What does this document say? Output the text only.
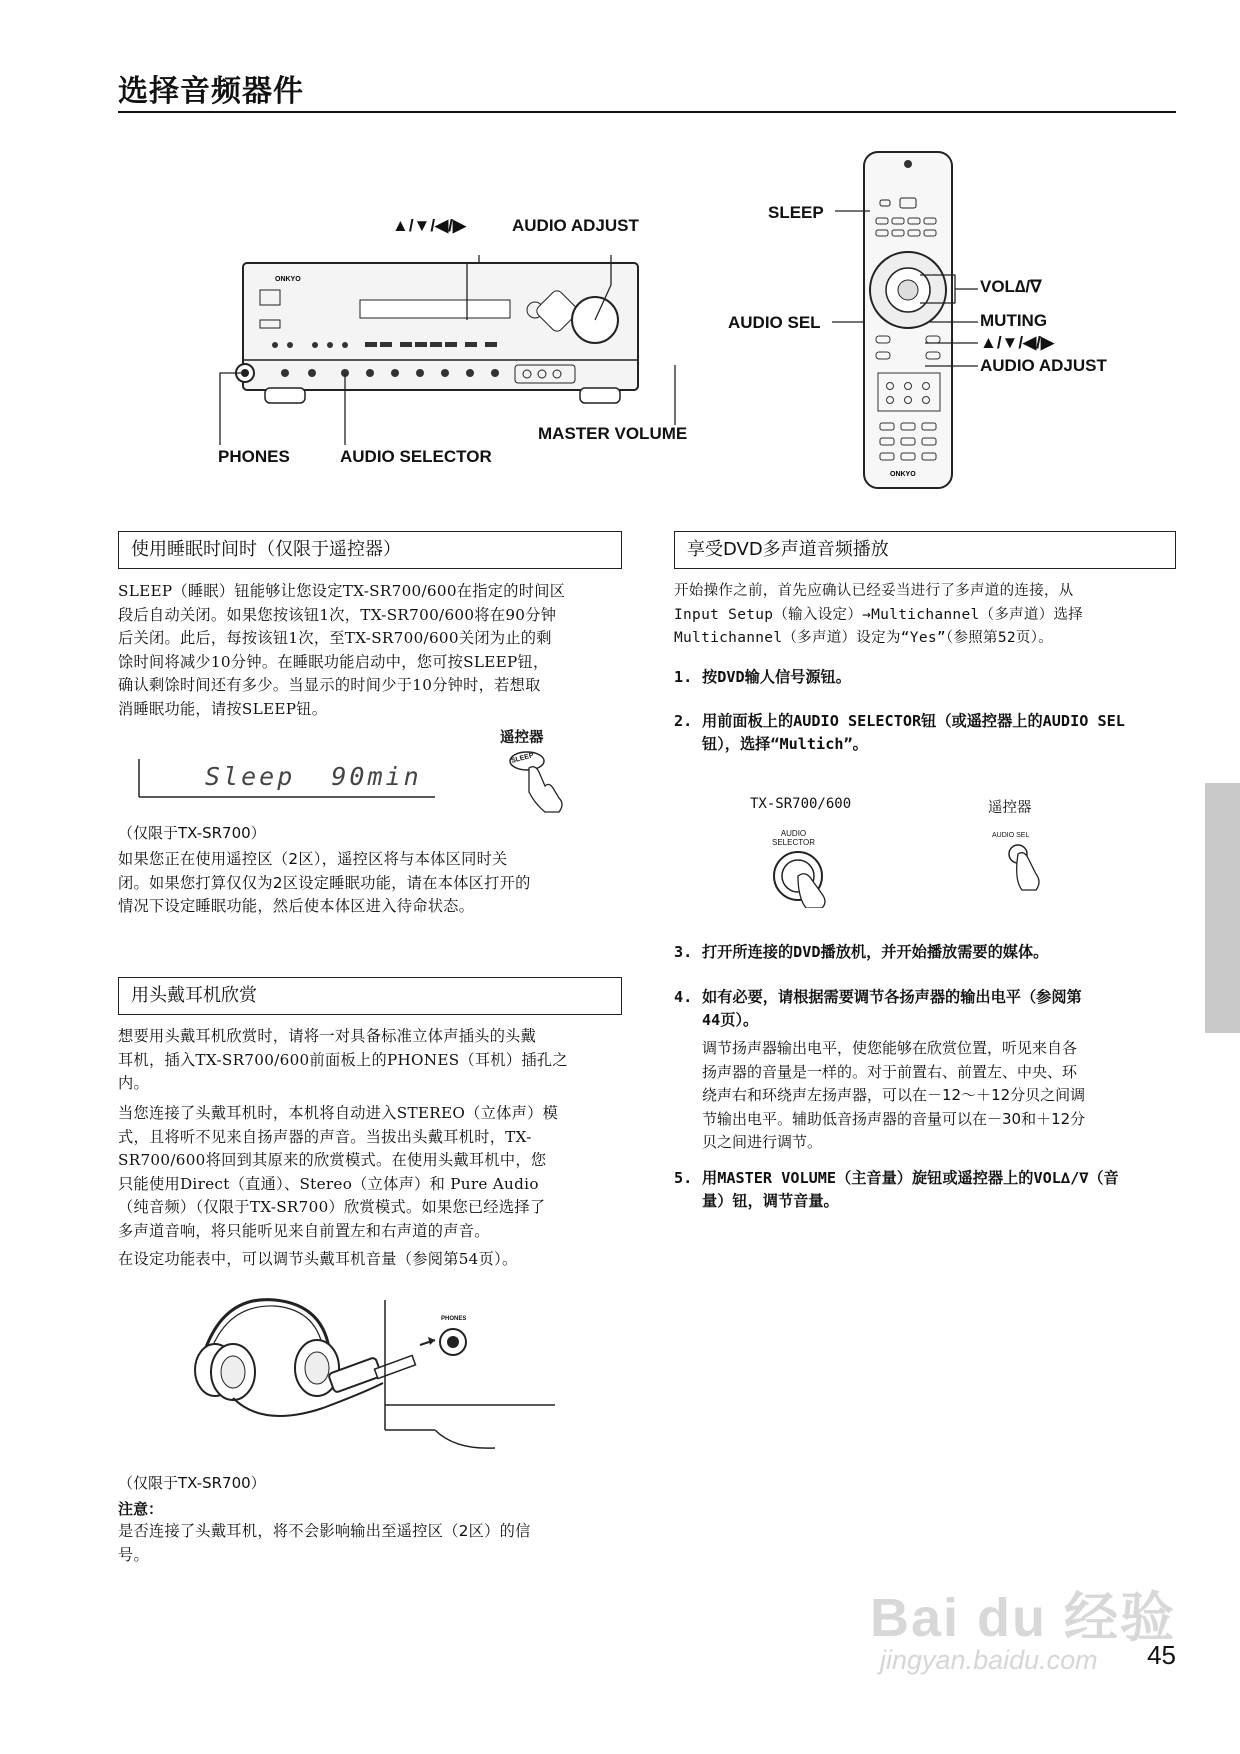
选择音频器件
ONKYO
▲/▼/◀/▶	AUDIO ADJUST
MASTER VOLUME
PHONES	AUDIO SELECTOR
ONKYO
SLEEP
VOL∆/∇
MUTING
AUDIO SEL
▲/▼/◀/▶
AUDIO ADJUST
使用睡眠时间时（仅限于遥控器）

SLEEP（睡眠）钮能够让您设定TX-SR700/600在指定的时间区

段后自动关闭。如果您按该钮1次，TX-SR700/600将在90分钟

后关闭。此后，每按该钮1次，至TX-SR700/600关闭为止的剩

馀时间将减少10分钟。在睡眠功能启动中，您可按SLEEP钮，

确认剩馀时间还有多少。当显示的时间少于10分钟时，若想取

消睡眠功能，请按SLEEP钮。

遥控器
Sleep  90min
SLEEP
（仅限于TX-SR700）

如果您正在使用遥控区（2区），遥控区将与本体区同时关

闭。如果您打算仅仅为2区设定睡眠功能，请在本体区打开的

情况下设定睡眠功能，然后使本体区进入待命状态。

用头戴耳机欣赏

想要用头戴耳机欣赏时，请将一对具备标准立体声插头的头戴

耳机，插入TX-SR700/600前面板上的PHONES（耳机）插孔之

内。

当您连接了头戴耳机时，本机将自动进入STEREO（立体声）模

式，且将听不见来自扬声器的声音。当拔出头戴耳机时，TX-

SR700/600将回到其原来的欣赏模式。在使用头戴耳机中，您

只能使用Direct（直通）、Stereo（立体声）和 Pure Audio

（纯音频）（仅限于TX-SR700）欣赏模式。如果您已经选择了

多声道音响，将只能听见来自前置左和右声道的声音。

在设定功能表中，可以调节头戴耳机音量（参阅第54页）。
PHONES
（仅限于TX-SR700）
注意：

是否连接了头戴耳机，将不会影响输出至遥控区（2区）的信

号。

享受DVD多声道音频播放

开始操作之前，首先应确认已经妥当进行了多声道的连接，从

Input Setup（输入设定）→Multichannel（多声道）选择

Multichannel（多声道）设定为“Yes”（参照第52页）。

1. 按DVD输人信号源钮。
2. 用前面板上的AUDIO SELECTOR钮（或遥控器上的AUDIO SEL
钮），选择“Multich”。
TX-SR700/600	遥控器
AUDIO
SELECTOR
AUDIO SEL
3. 打开所连接的DVD播放机，并开始播放需要的媒体。
4. 如有必要，请根据需要调节各扬声器的输出电平（参阅第
44页）。
调节扬声器输出电平，使您能够在欣赏位置，听见来自各
扬声器的音量是一样的。对于前置右、前置左、中央、环
绕声右和环绕声左扬声器，可以在－12～＋12分贝之间调
节输出电平。辅助低音扬声器的音量可以在－30和＋12分
贝之间进行调节。
5. 用MASTER VOLUME（主音量）旋钮或遥控器上的VOL∆/∇（音
量）钮，调节音量。
Bai du 经验
jingyan.baidu.com 45
